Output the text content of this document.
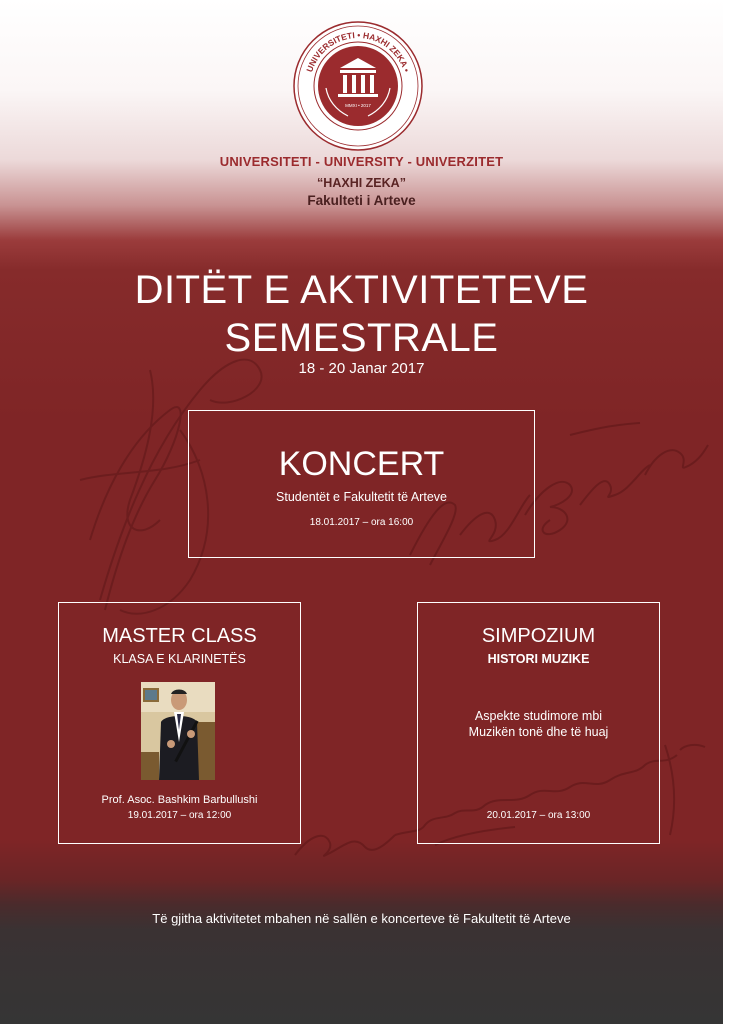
UNIVERSITETI • HAXHI ZEKA •
MMXI • 2017
UNIVERSITETI - UNIVERSITY - UNIVERZITET
“HAXHI ZEKA”
Fakulteti i Arteve
DITËT E AKTIVITETEVE
SEMESTRALE
18 - 20 Janar 2017
KONCERT
Studentët e Fakultetit të Arteve
18.01.2017 – ora 16:00
MASTER CLASS
KLASA E KLARINETËS
Prof. Asoc. Bashkim Barbullushi
19.01.2017 – ora 12:00
SIMPOZIUM
HISTORI MUZIKE
Aspekte studimore mbi
Muzikën tonë dhe të huaj
20.01.2017 – ora 13:00
Të gjitha aktivitetet mbahen në sallën e koncerteve të Fakultetit të Arteve
